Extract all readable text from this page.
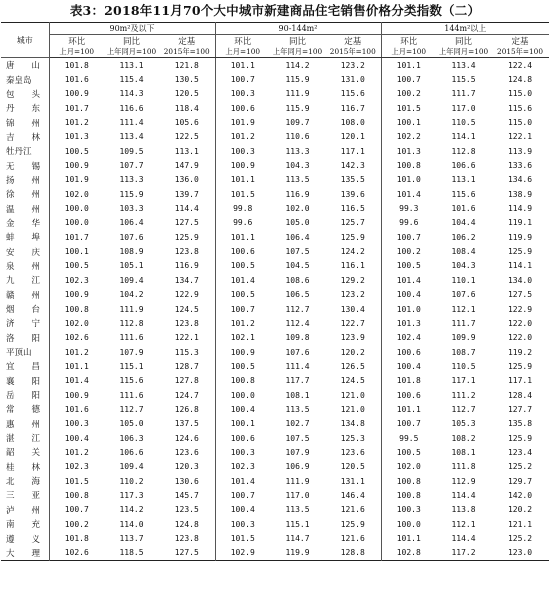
表3：2018年11月70个大中城市新建商品住宅销售价格分类指数（二）
城市	90m²及以下			90-144m²			144m²以上		
	环比	同比	定基	环比	同比	定基	环比	同比	定基
	上月=100	上年同月=100	2015年=100	上月=100	上年同月=100	2015年=100	上月=100	上年同月=100	2015年=100
唐　　山	101.8	113.1	121.8	101.1	114.2	123.2	101.1	113.4	122.4
秦皇岛	101.6	115.4	130.5	100.7	115.9	131.0	100.7	115.5	124.8
包　　头	100.9	114.3	120.5	100.3	111.9	115.6	100.2	111.7	115.0
丹　　东	101.7	116.6	118.4	100.6	115.9	116.7	101.5	117.0	115.6
锦　　州	101.2	111.4	105.6	101.9	109.7	108.0	100.1	110.5	115.0
吉　　林	101.3	113.4	122.5	101.2	110.6	120.1	102.2	114.1	122.1
牡丹江	100.5	109.5	113.1	100.3	113.3	117.1	101.3	112.8	113.9
无　　锡	100.9	107.7	147.9	100.9	104.3	142.3	100.8	106.6	133.6
扬　　州	101.9	113.3	136.0	101.1	113.5	135.5	101.0	113.1	134.6
徐　　州	102.0	115.9	139.7	101.5	116.9	139.6	101.4	115.6	138.9
温　　州	100.0	103.3	114.4	99.8	102.0	116.5	99.3	101.6	114.9
金　　华	100.0	106.4	127.5	99.6	105.0	125.7	99.6	104.4	119.1
蚌　　埠	101.7	107.6	125.9	101.1	106.4	125.9	100.7	106.2	119.9
安　　庆	100.1	108.9	123.8	100.6	107.5	124.2	100.2	108.4	125.9
泉　　州	100.5	105.1	116.9	100.5	104.5	116.1	100.5	104.3	114.1
九　　江	102.3	109.4	134.7	101.4	108.6	129.2	101.4	110.1	134.0
赣　　州	100.9	104.2	122.9	100.5	106.5	123.2	100.4	107.6	127.5
烟　　台	100.8	111.9	124.5	100.7	112.7	130.4	101.0	112.1	122.9
济　　宁	102.0	112.8	123.8	101.2	112.4	122.7	101.3	111.7	122.0
洛　　阳	102.6	111.6	122.1	102.1	109.8	123.9	102.4	109.9	122.0
平顶山	101.2	107.9	115.3	100.9	107.6	120.2	100.6	108.7	119.2
宜　　昌	101.1	115.1	128.7	100.5	111.4	126.5	100.4	110.5	125.9
襄　　阳	101.4	115.6	127.8	100.8	117.7	124.5	101.8	117.1	117.1
岳　　阳	100.9	111.6	124.7	100.0	108.1	121.0	100.6	111.2	128.4
常　　德	101.6	112.7	126.8	100.4	113.5	121.0	101.1	112.7	127.7
惠　　州	100.3	105.0	137.5	100.1	102.7	134.8	100.7	105.3	135.8
湛　　江	100.4	106.3	124.6	100.6	107.5	125.3	99.5	108.2	125.9
韶　　关	101.2	106.6	123.6	100.3	107.9	123.6	100.5	108.1	123.4
桂　　林	102.3	109.4	120.3	102.3	106.9	120.5	102.0	111.8	125.2
北　　海	101.5	110.2	130.6	101.4	111.9	131.1	100.8	112.9	129.7
三　　亚	100.8	117.3	145.7	100.7	117.0	146.4	100.8	114.4	142.0
泸　　州	100.7	114.2	123.5	100.4	113.5	121.6	100.3	113.8	120.2
南　　充	100.2	114.0	124.8	100.3	115.1	125.9	100.0	112.1	121.1
遵　　义	101.8	113.7	123.8	101.5	114.7	121.6	101.1	114.4	125.2
大　　理	102.6	118.5	127.5	102.9	119.9	128.8	102.8	117.2	123.0
